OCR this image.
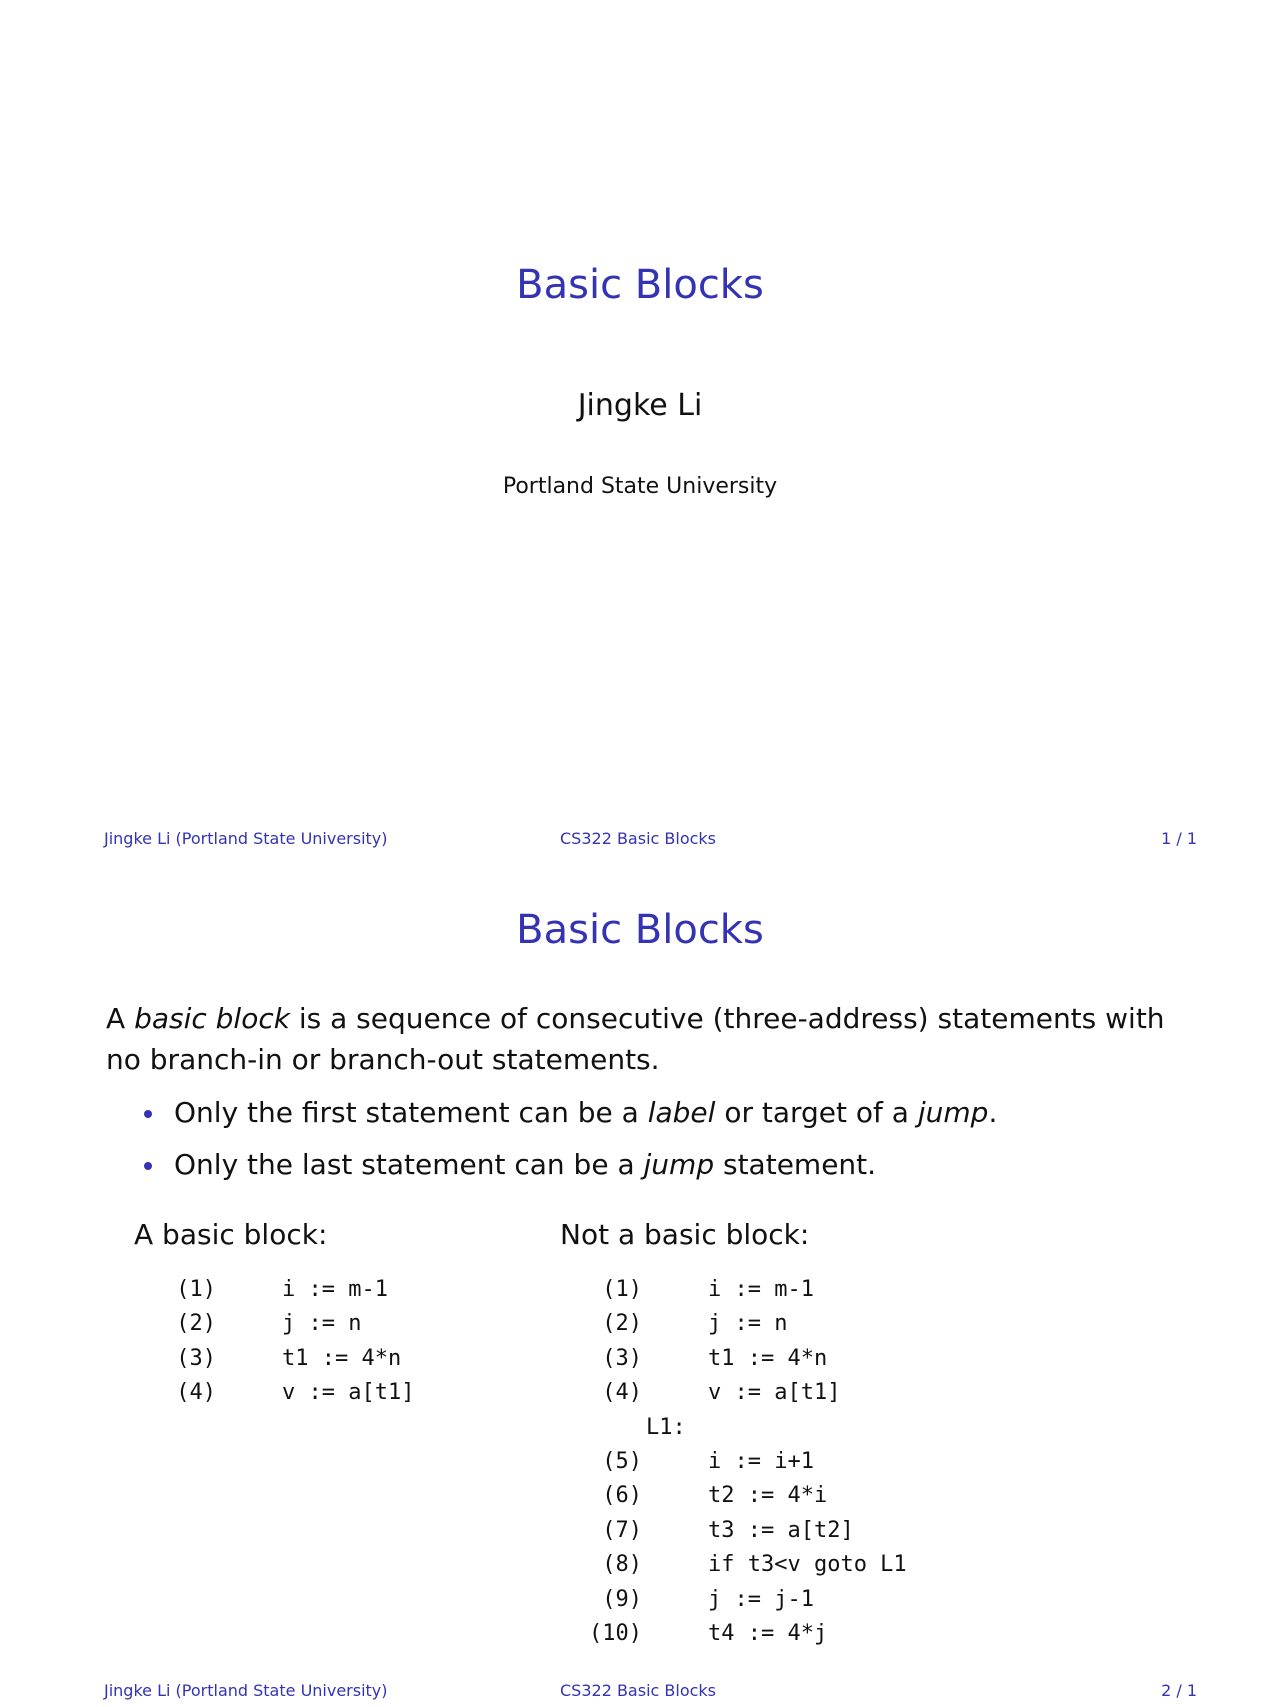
Basic Blocks
Jingke Li
Portland State University
Jingke Li (Portland State University)	CS322 Basic Blocks	1 / 1
Basic Blocks
A basic block is a sequence of consecutive (three-address) statements with no branch-in or branch-out statements.
Only the first statement can be a label or target of a jump.
Only the last statement can be a jump statement.
A basic block:	Not a basic block:
(1)	i := m-1
(2)	j := n
(3)	t1 := 4*n
(4)	v := a[t1]
(1)	i := m-1
(2)	j := n
(3)	t1 := 4*n
(4)	v := a[t1]
L1:
(5)	i := i+1
(6)	t2 := 4*i
(7)	t3 := a[t2]
(8)	if t3<v goto L1
(9)	j := j-1
(10)	t4 := 4*j
Jingke Li (Portland State University)	CS322 Basic Blocks	2 / 1
